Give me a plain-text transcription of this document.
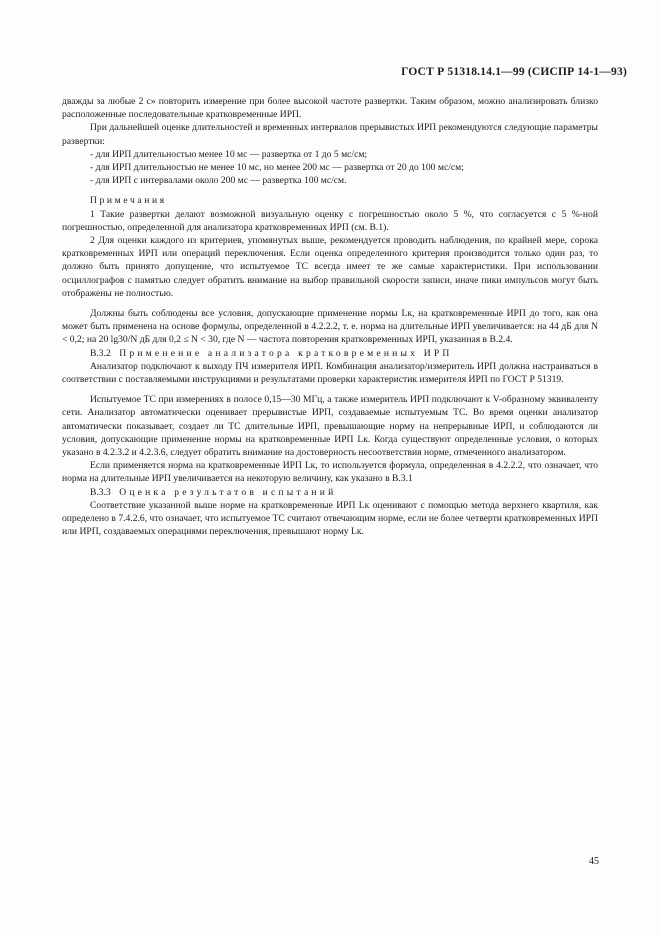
ГОСТ Р 51318.14.1—99 (СИСПР 14-1—93)

дважды за любые 2 с» повторить измерение при более высокой частоте развертки. Таким образом, можно анализировать близко расположенные последовательные кратковременные ИРП.

При дальнейшей оценке длительностей и временных интервалов прерывистых ИРП рекомендуются следующие параметры развертки:

- для ИРП длительностью менее 10 мс — развертка от 1 до 5 мс/см;

- для ИРП длительностью не менее 10 мс, но менее 200 мс — развертка от 20 до 100 мс/см;

- для ИРП с интервалами около 200 мс — развертка 100 мс/см.

Примечания

1 Такие развертки делают возможной визуальную оценку с погрешностью около 5 %, что согласуется с 5 %-ной погрешностью, определенной для анализатора кратковременных ИРП (см. В.1).

2 Для оценки каждого из критериев, упомянутых выше, рекомендуется проводить наблюдения, по крайней мере, сорока кратковременных ИРП или операций переключения. Если оценка определенного критерия производится только один раз, то должно быть принято допущение, что испытуемое ТС всегда имеет те же самые характеристики. При использовании осциллографов с памятью следует обратить внимание на выбор правильной скорости записи, иначе пики импульсов могут быть отображены не полностью.

Должны быть соблюдены все условия, допускающие применение нормы Lк, на кратковременные ИРП до того, как она может быть применена на основе формулы, определенной в 4.2.2.2, т. е. норма на длительные ИРП увеличивается: на 44 дБ для N < 0,2; на 20 lg30/N дБ для 0,2 ≤ N < 30, где N — частота повторения кратковременных ИРП, указанная в В.2.4.

В.3.2 Применение анализатора кратковременных ИРП

Анализатор подключают к выходу ПЧ измерителя ИРП. Комбинация анализатор/измеритель ИРП должна настраиваться в соответствии с поставляемыми инструкциями и результатами проверки характеристик измерителя ИРП по ГОСТ Р 51319.

Испытуемое ТС при измерениях в полосе 0,15—30 МГц, а также измеритель ИРП подключают к V-образному эквиваленту сети. Анализатор автоматически оценивает прерывистые ИРП, создаваемые испытуемым ТС. Во время оценки анализатор автоматически показывает, создает ли ТС длительные ИРП, превышающие норму на непрерывные ИРП, и соблюдаются ли условия, допускающие применение нормы на кратковременные ИРП Lк. Когда существуют определенные условия, о которых указано в 4.2.3.2 и 4.2.3.6, следует обратить внимание на достоверность несоответствия норме, отмеченного анализатором.

Если применяется норма на кратковременные ИРП Lк, то используется формула, определенная в 4.2.2.2, что означает, что норма на длительные ИРП увеличивается на некоторую величину, как указано в В.3.1

В.3.3 Оценка результатов испытаний

Соответствие указанной выше норме на кратковременные ИРП Lк оценивают с помощью метода верхнего квартиля, как определено в 7.4.2.6, что означает, что испытуемое ТС считают отвечающим норме, если не более четверти кратковременных ИРП или ИРП, создаваемых операциями переключения, превышают норму Lк.

45
